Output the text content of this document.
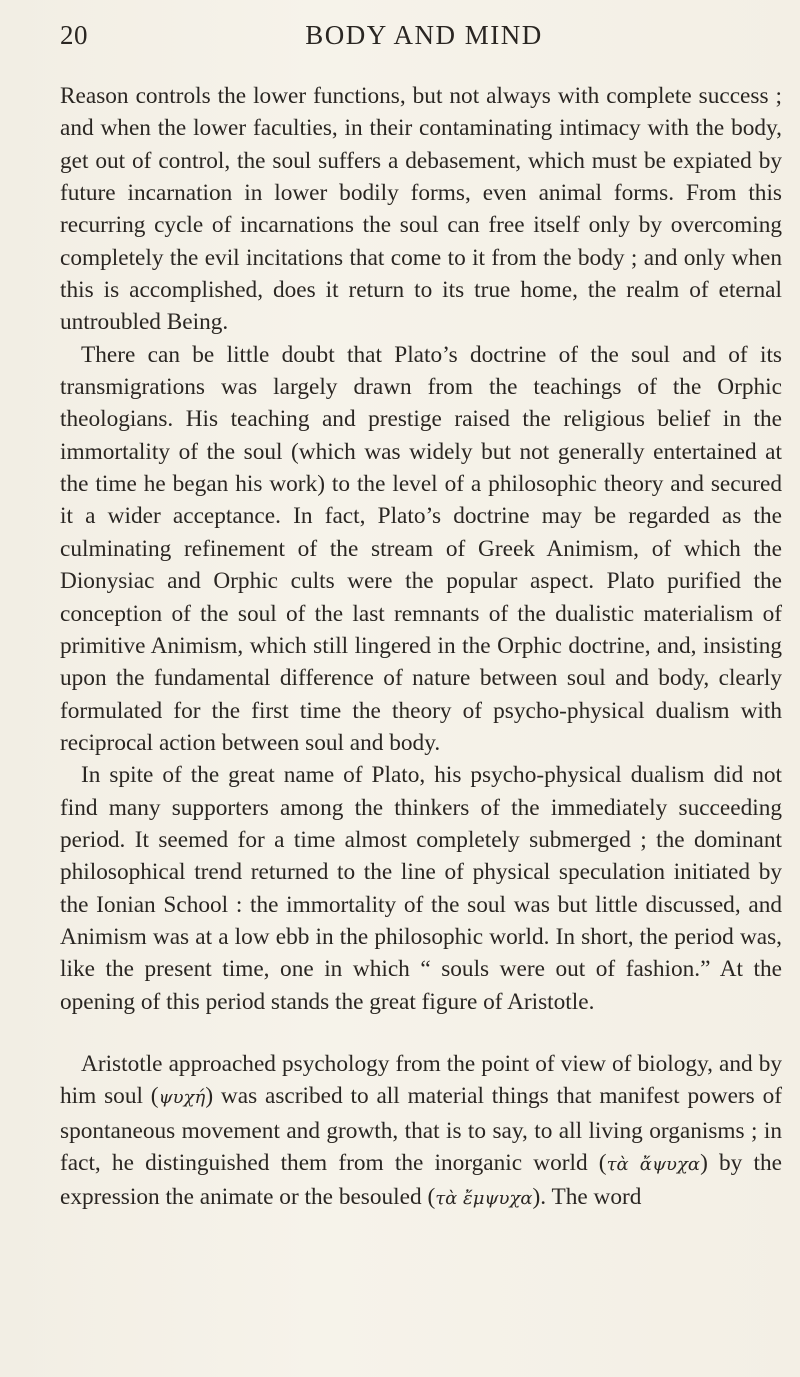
20	BODY AND MIND

Reason controls the lower functions, but not always with complete success ; and when the lower faculties, in their contaminating intimacy with the body, get out of control, the soul suffers a debasement, which must be expiated by future incarnation in lower bodily forms, even animal forms. From this recurring cycle of incarnations the soul can free itself only by overcoming completely the evil incitations that come to it from the body ; and only when this is accomplished, does it return to its true home, the realm of eternal untroubled Being.

There can be little doubt that Plato’s doctrine of the soul and of its transmigrations was largely drawn from the teachings of the Orphic theologians. His teaching and prestige raised the religious belief in the immortality of the soul (which was widely but not generally entertained at the time he began his work) to the level of a philosophic theory and secured it a wider acceptance. In fact, Plato’s doctrine may be regarded as the culminating refinement of the stream of Greek Animism, of which the Dionysiac and Orphic cults were the popular aspect. Plato purified the conception of the soul of the last remnants of the dualistic materialism of primitive Animism, which still lingered in the Orphic doctrine, and, insisting upon the fundamental difference of nature between soul and body, clearly formulated for the first time the theory of psycho-physical dualism with reciprocal action between soul and body.

In spite of the great name of Plato, his psycho-physical dualism did not find many supporters among the thinkers of the immediately succeeding period. It seemed for a time almost completely submerged ; the dominant philosophical trend returned to the line of physical speculation initiated by the Ionian School : the immortality of the soul was but little discussed, and Animism was at a low ebb in the philosophic world. In short, the period was, like the present time, one in which “ souls were out of fashion.” At the opening of this period stands the great figure of Aristotle.

Aristotle approached psychology from the point of view of biology, and by him soul (ψυχή) was ascribed to all material things that manifest powers of spontaneous movement and growth, that is to say, to all living organisms ; in fact, he distinguished them from the inorganic world (τὰ ἄψυχα) by the expression the animate or the besouled (τὰ ἔμψυχα). The word
